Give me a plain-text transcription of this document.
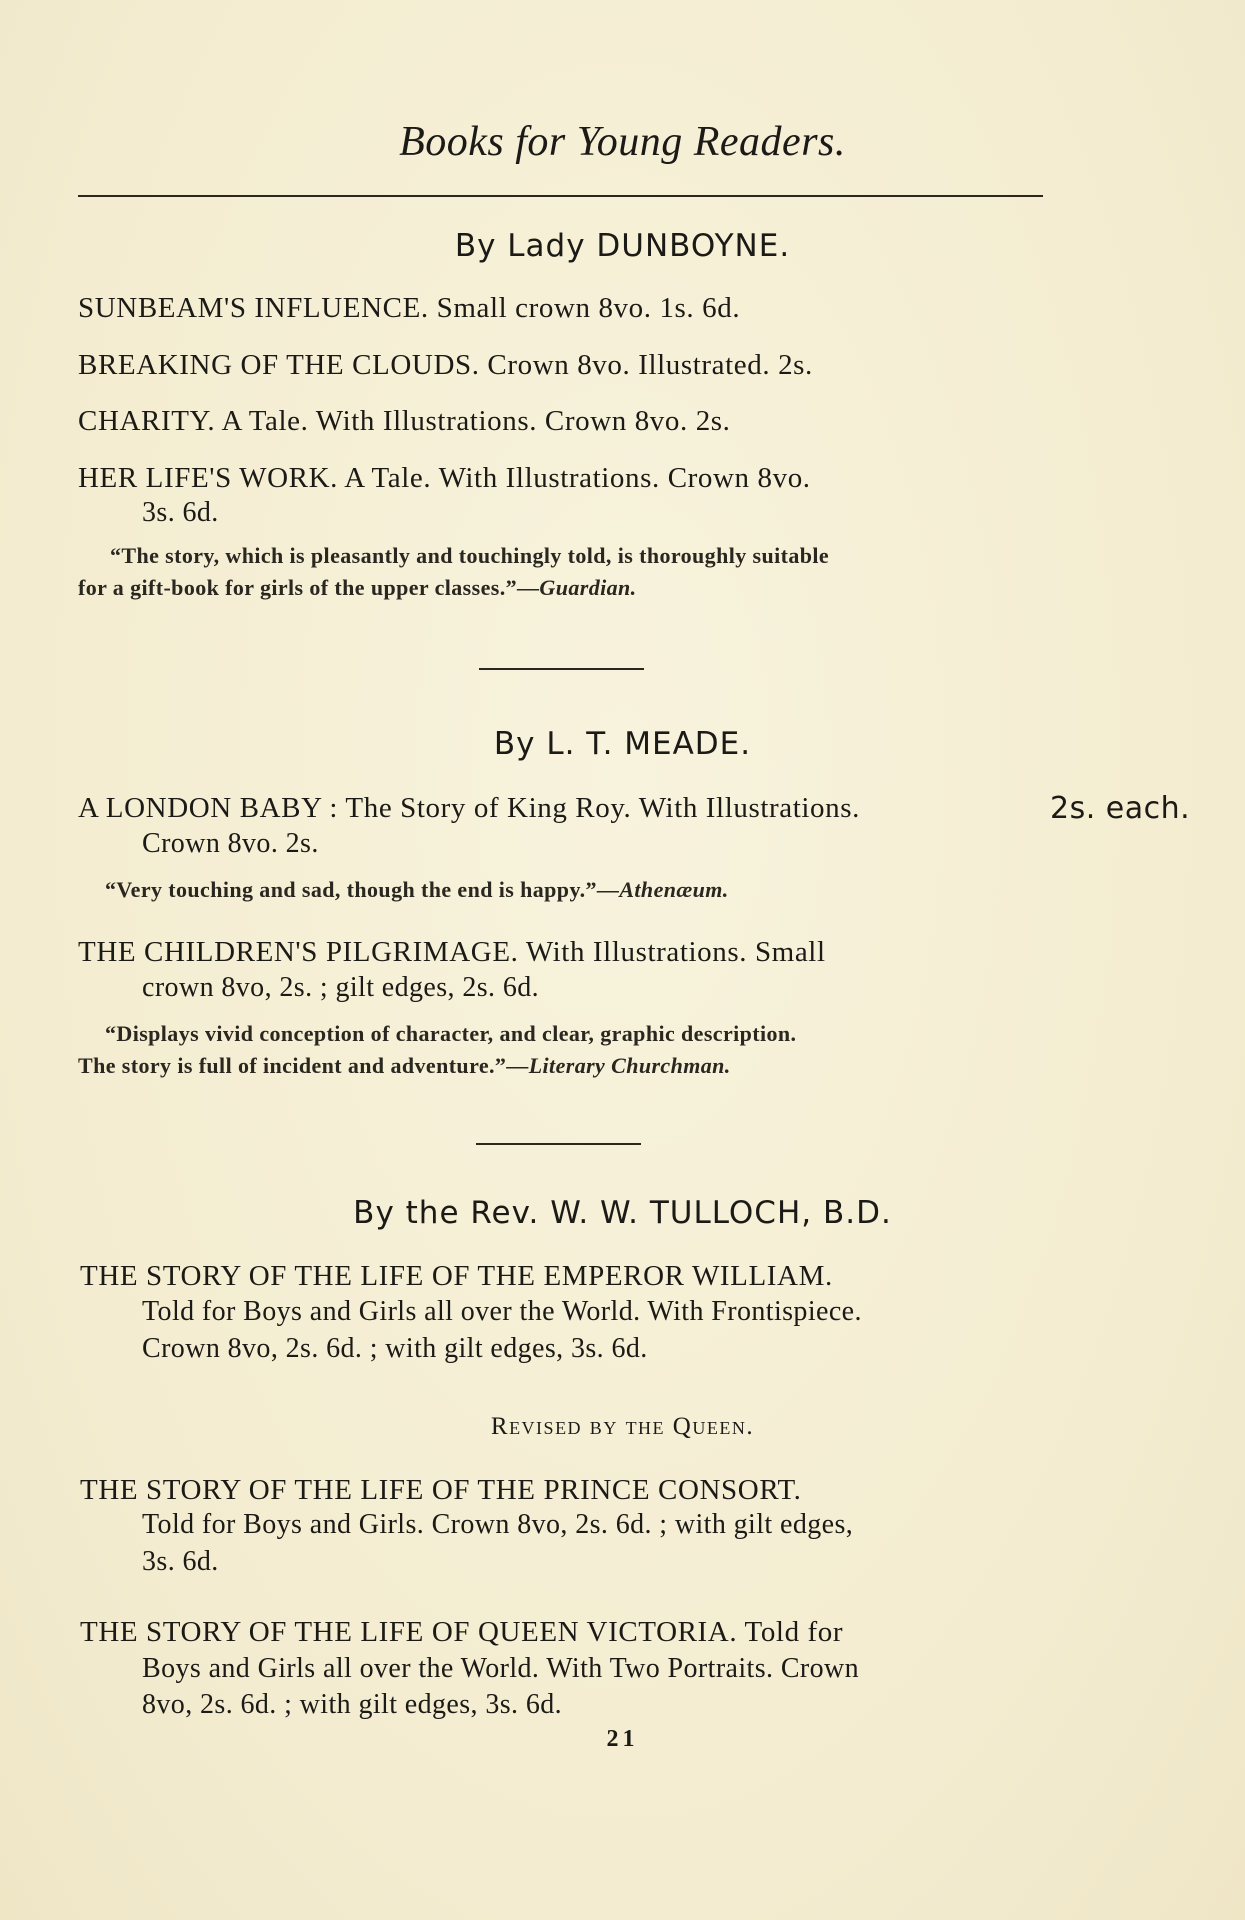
Books for Young Readers.
By Lady DUNBOYNE.
SUNBEAM'S INFLUENCE. Small crown 8vo. 1s. 6d.
BREAKING OF THE CLOUDS. Crown 8vo. Illustrated. 2s.
CHARITY. A Tale. With Illustrations. Crown 8vo. 2s.
HER LIFE'S WORK. A Tale. With Illustrations. Crown 8vo.
3s. 6d.
“The story, which is pleasantly and touchingly told, is thoroughly suitable
for a gift-book for girls of the upper classes.”—Guardian.
By L. T. MEADE.
A LONDON BABY : The Story of King Roy. With Illustrations.	2s. each.
Crown 8vo. 2s.
“Very touching and sad, though the end is happy.”—Athenæum.
THE CHILDREN'S PILGRIMAGE. With Illustrations. Small
crown 8vo, 2s. ; gilt edges, 2s. 6d.
“Displays vivid conception of character, and clear, graphic description.
The story is full of incident and adventure.”—Literary Churchman.
By the Rev. W. W. TULLOCH, B.D.
THE STORY OF THE LIFE OF THE EMPEROR WILLIAM.
Told for Boys and Girls all over the World. With Frontispiece.
Crown 8vo, 2s. 6d. ; with gilt edges, 3s. 6d.
Revised by the Queen.
THE STORY OF THE LIFE OF THE PRINCE CONSORT.
Told for Boys and Girls. Crown 8vo, 2s. 6d. ; with gilt edges,
3s. 6d.
THE STORY OF THE LIFE OF QUEEN VICTORIA. Told for
Boys and Girls all over the World. With Two Portraits. Crown
8vo, 2s. 6d. ; with gilt edges, 3s. 6d.
21
